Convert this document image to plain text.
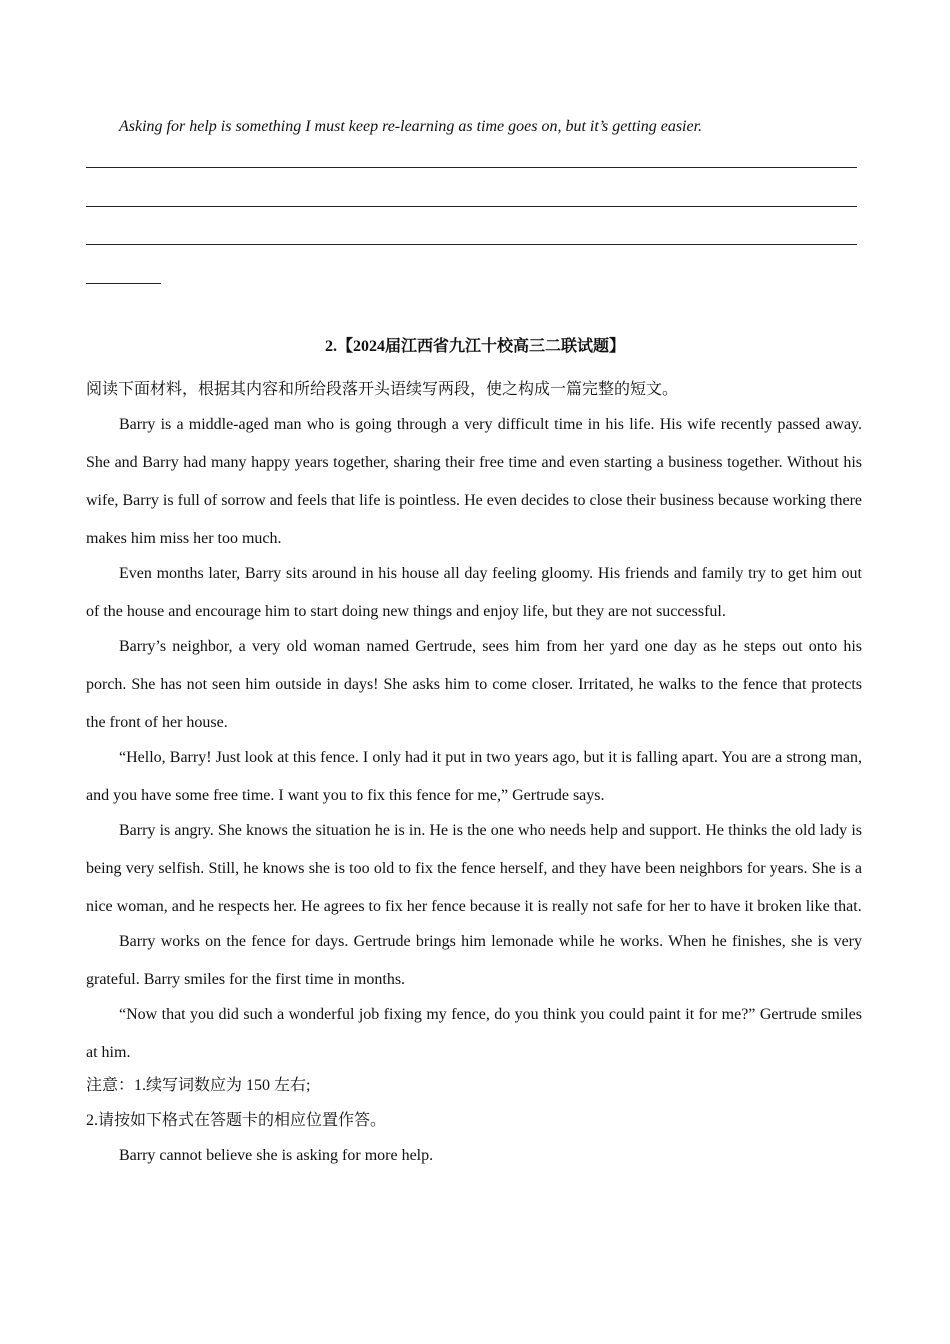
Asking for help is something I must keep re-learning as time goes on, but it’s getting easier.
2.【2024届江西省九江十校高三二联试题】

阅读下面材料，根据其内容和所给段落开头语续写两段，使之构成一篇完整的短文。

Barry is a middle-aged man who is going through a very difficult time in his life. His wife recently passed away. She and Barry had many happy years together, sharing their free time and even starting a business together. Without his wife, Barry is full of sorrow and feels that life is pointless. He even decides to close their business because working there makes him miss her too much.

Even months later, Barry sits around in his house all day feeling gloomy. His friends and family try to get him out of the house and encourage him to start doing new things and enjoy life, but they are not successful.

Barry’s neighbor, a very old woman named Gertrude, sees him from her yard one day as he steps out onto his porch. She has not seen him outside in days! She asks him to come closer. Irritated, he walks to the fence that protects the front of her house.

“Hello, Barry! Just look at this fence. I only had it put in two years ago, but it is falling apart. You are a strong man, and you have some free time. I want you to fix this fence for me,” Gertrude says.

Barry is angry. She knows the situation he is in. He is the one who needs help and support. He thinks the old lady is being very selfish. Still, he knows she is too old to fix the fence herself, and they have been neighbors for years. She is a nice woman, and he respects her. He agrees to fix her fence because it is really not safe for her to have it broken like that.

Barry works on the fence for days. Gertrude brings him lemonade while he works. When he finishes, she is very grateful. Barry smiles for the first time in months.

“Now that you did such a wonderful job fixing my fence, do you think you could paint it for me?” Gertrude smiles at him.

注意：1.续写词数应为 150 左右;

2.请按如下格式在答题卡的相应位置作答。

Barry cannot believe she is asking for more help.
